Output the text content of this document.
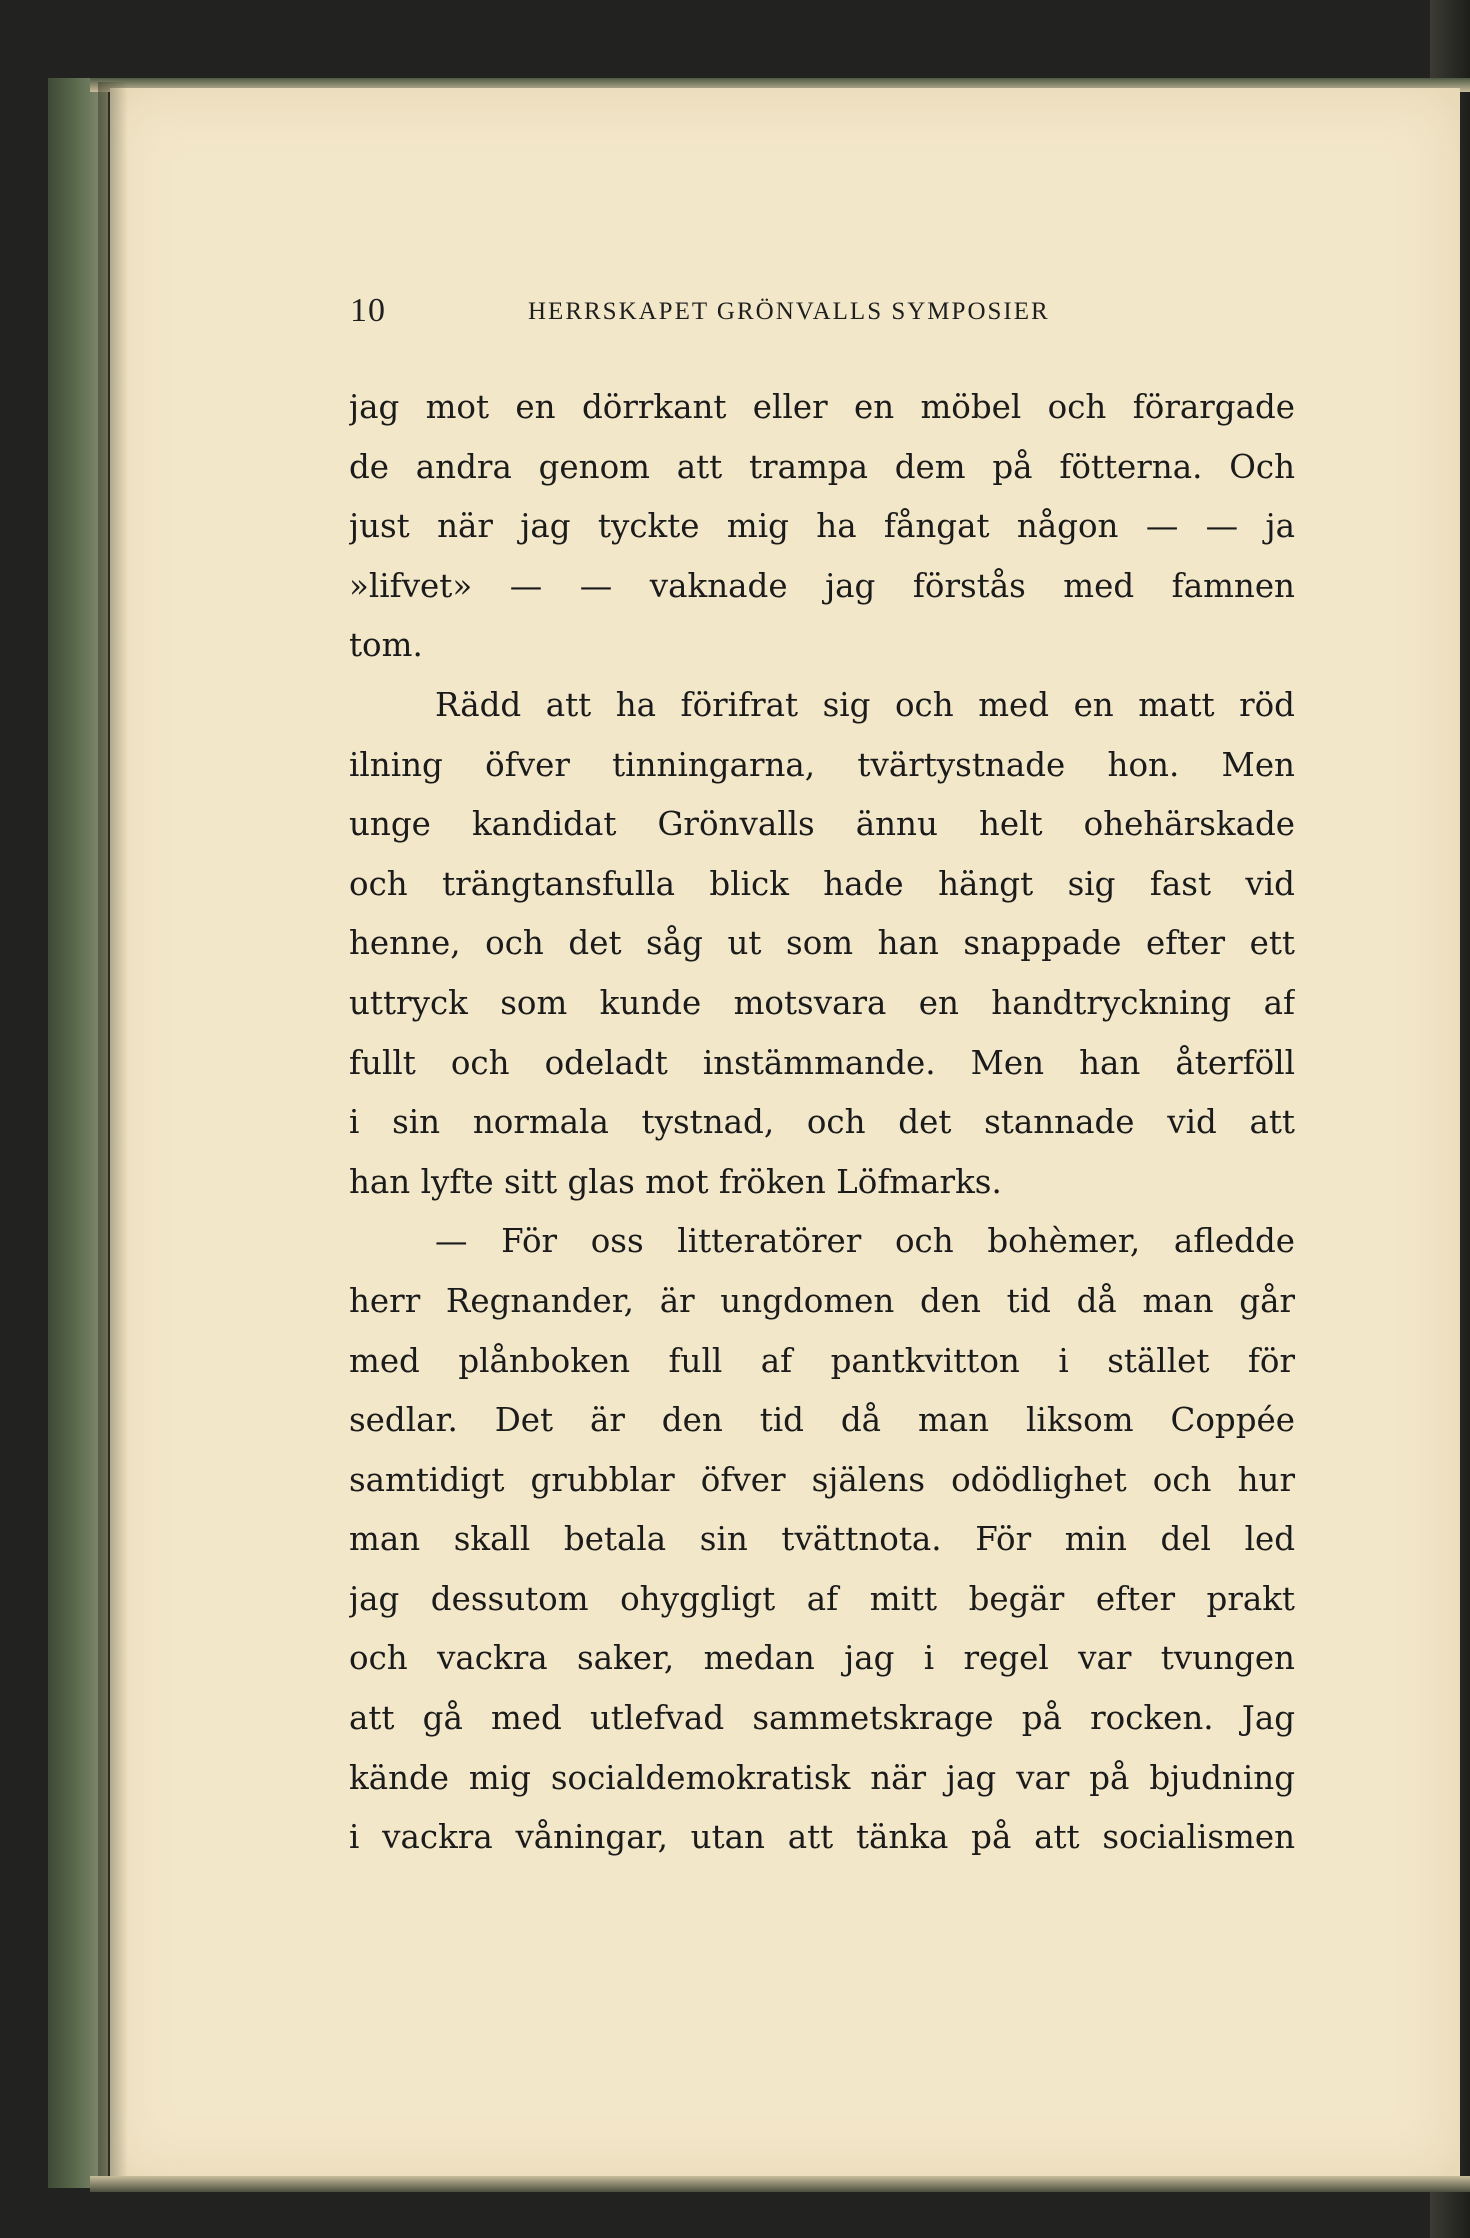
10	HERRSKAPET GRÖNVALLS SYMPOSIER
jag mot en dörrkant eller en möbel och förargade
de andra genom att trampa dem på fötterna. Och
just när jag tyckte mig ha fångat någon — — ja
»lifvet» — — vaknade jag förstås med famnen
tom.
Rädd att ha förifrat sig och med en matt röd
ilning öfver tinningarna, tvärtystnade hon. Men
unge kandidat Grönvalls ännu helt ohehärskade
och trängtansfulla blick hade hängt sig fast vid
henne, och det såg ut som han snappade efter ett
uttryck som kunde motsvara en handtryckning af
fullt och odeladt instämmande. Men han återföll
i sin normala tystnad, och det stannade vid att
han lyfte sitt glas mot fröken Löfmarks.
— För oss litteratörer och bohèmer, afledde
herr Regnander, är ungdomen den tid då man går
med plånboken full af pantkvitton i stället för
sedlar. Det är den tid då man liksom Coppée
samtidigt grubblar öfver själens odödlighet och hur
man skall betala sin tvättnota. För min del led
jag dessutom ohyggligt af mitt begär efter prakt
och vackra saker, medan jag i regel var tvungen
att gå med utlefvad sammetskrage på rocken. Jag
kände mig socialdemokratisk när jag var på bjudning
i vackra våningar, utan att tänka på att socialismen
